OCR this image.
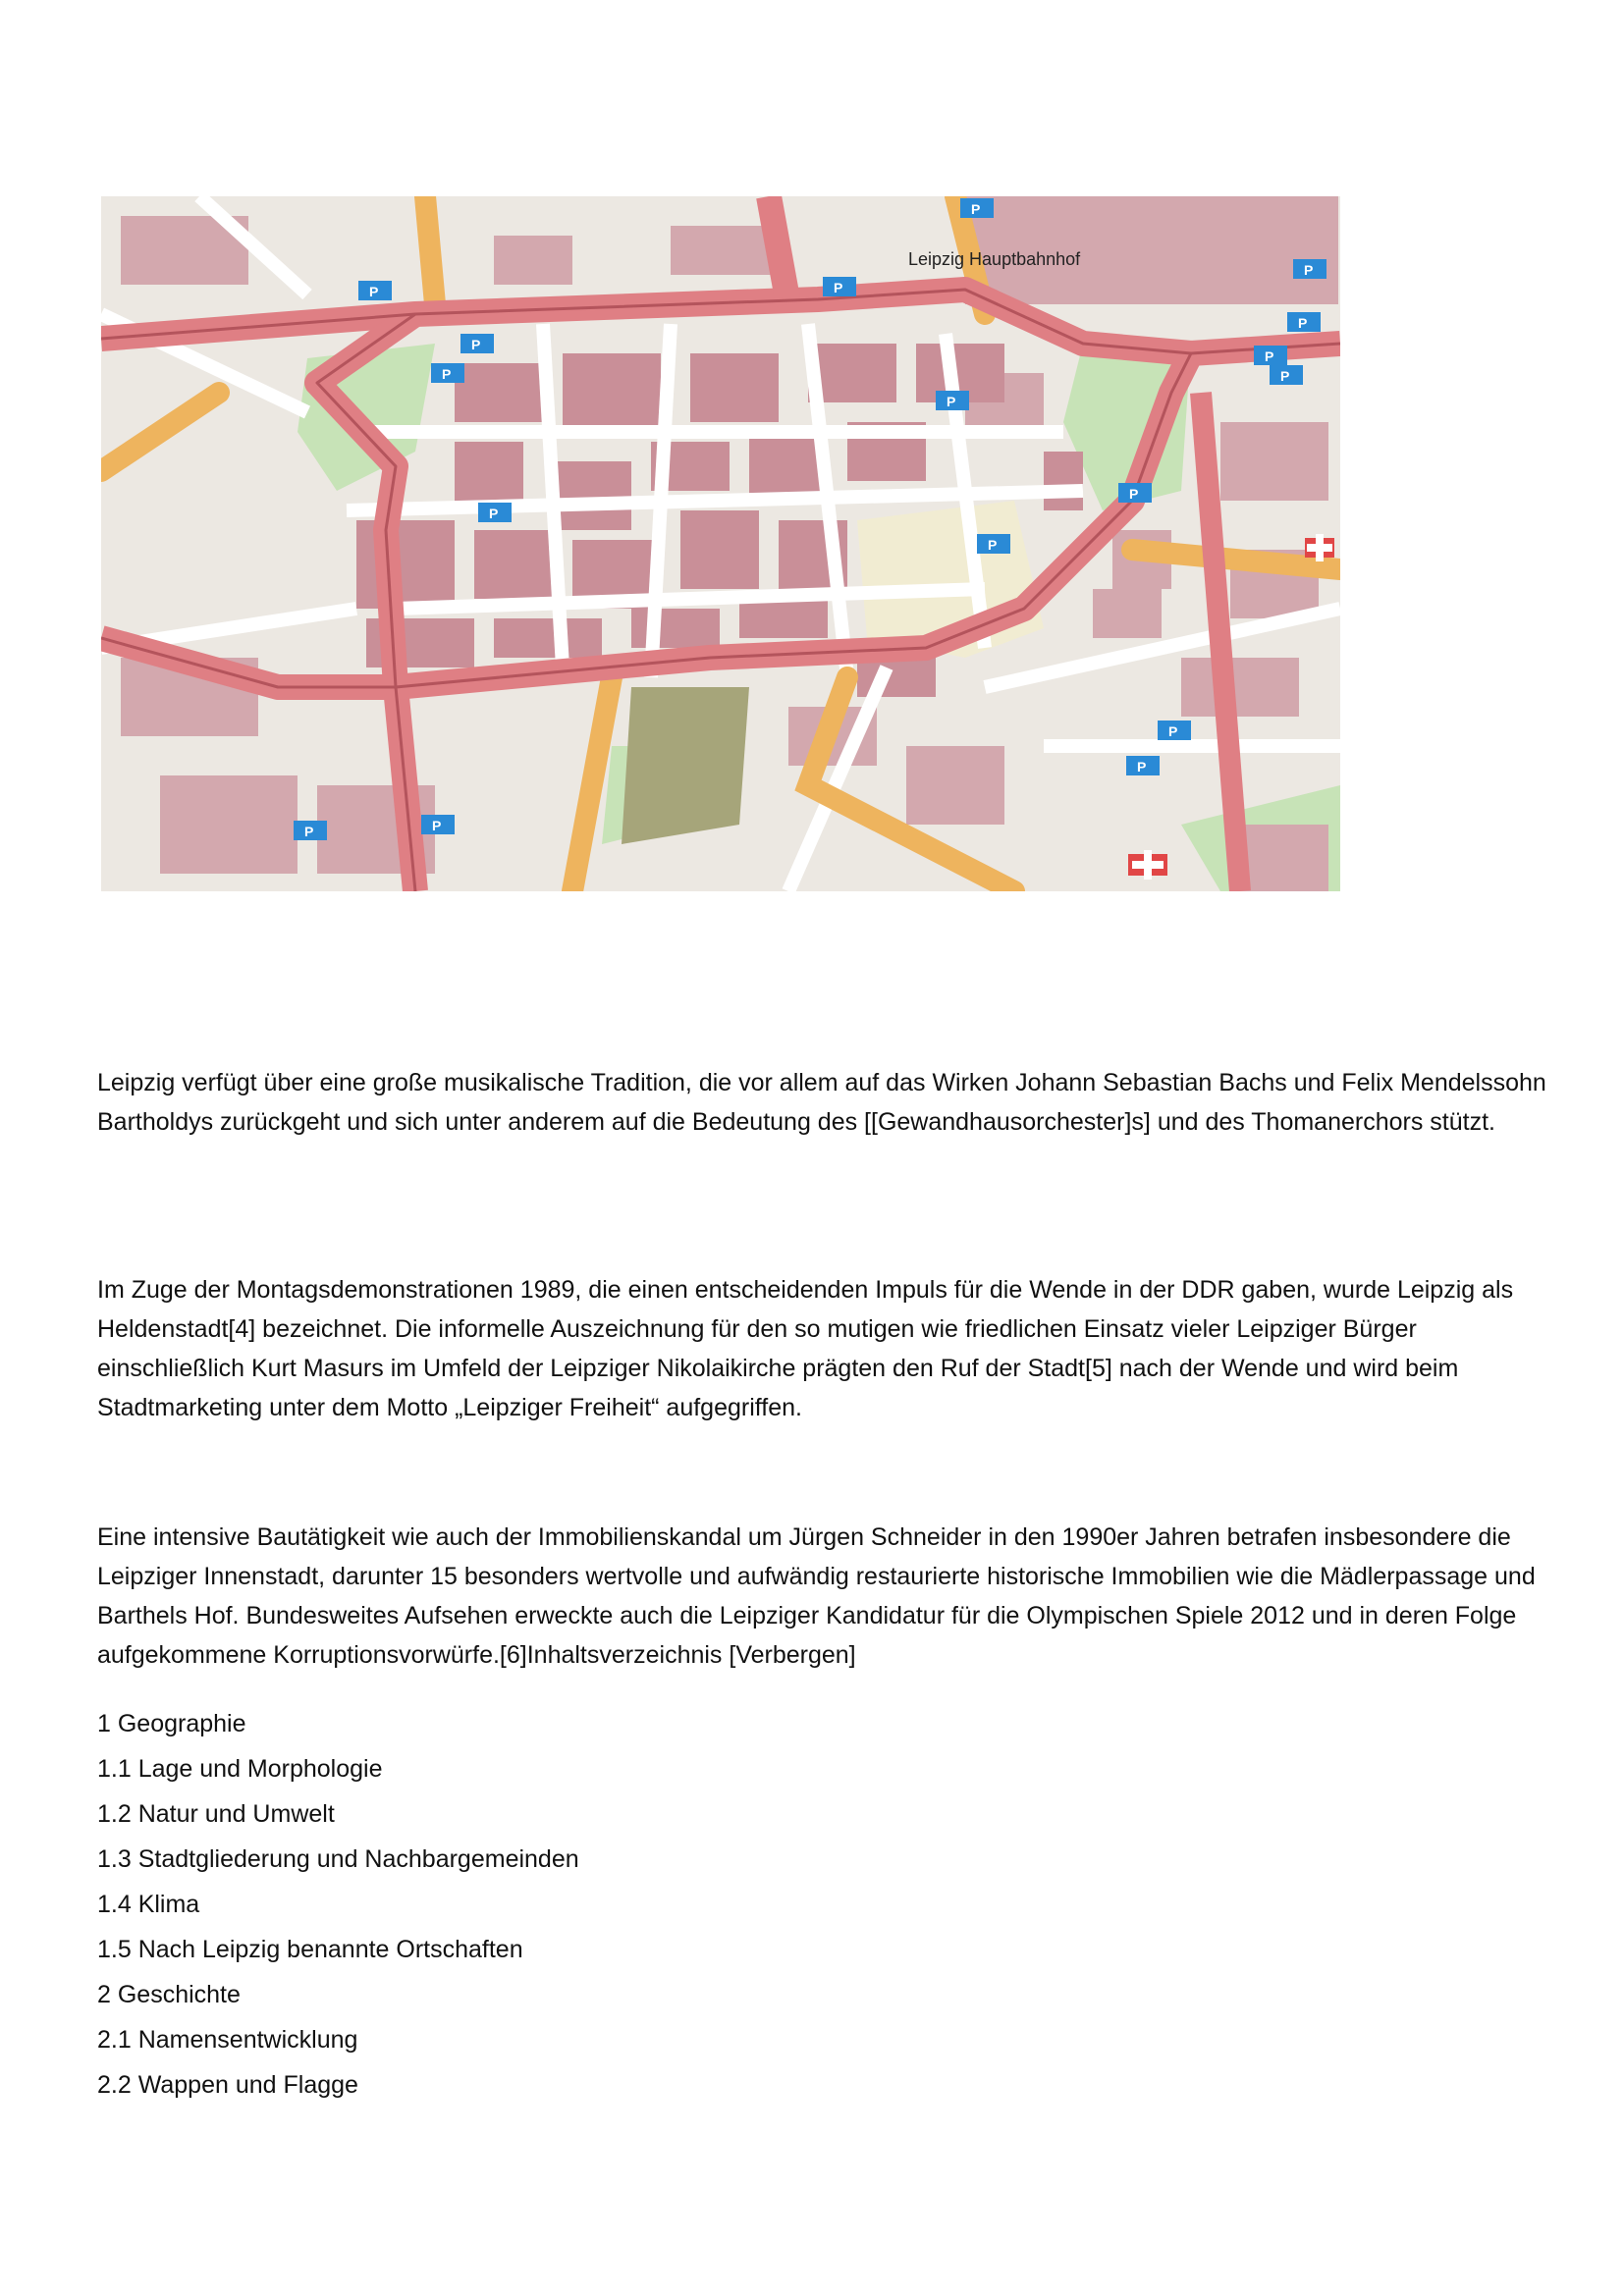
Leipzig Hauptbahnhof
P
P
P
P
P
P
P
P
P
P
P
P
P
P
P
P	P

Leipzig verfügt über eine große musikalische Tradition, die vor allem auf das Wirken Johann Sebastian Bachs und Felix Mendelssohn Bartholdys zurückgeht und sich unter anderem auf die Bedeutung des [[Gewandhausorchester]s] und des Thomanerchors stützt.

Im Zuge der Montagsdemonstrationen 1989, die einen entscheidenden Impuls für die Wende in der DDR gaben, wurde Leipzig als Heldenstadt[4] bezeichnet. Die informelle Auszeichnung für den so mutigen wie friedlichen Einsatz vieler Leipziger Bürger einschließlich Kurt Masurs im Umfeld der Leipziger Nikolaikirche prägten den Ruf der Stadt[5] nach der Wende und wird beim Stadtmarketing unter dem Motto „Leipziger Freiheit“ aufgegriffen.

Eine intensive Bautätigkeit wie auch der Immobilienskandal um Jürgen Schneider in den 1990er Jahren betrafen insbesondere die Leipziger Innenstadt, darunter 15 besonders wertvolle und aufwändig restaurierte historische Immobilien wie die Mädlerpassage und Barthels Hof. Bundesweites Aufsehen erweckte auch die Leipziger Kandidatur für die Olympischen Spiele 2012 und in deren Folge aufgekommene Korruptionsvorwürfe.[6]Inhaltsverzeichnis [Verbergen]

1 Geographie
1.1 Lage und Morphologie
1.2 Natur und Umwelt
1.3 Stadtgliederung und Nachbargemeinden
1.4 Klima
1.5 Nach Leipzig benannte Ortschaften
2 Geschichte
2.1 Namensentwicklung
2.2 Wappen und Flagge
